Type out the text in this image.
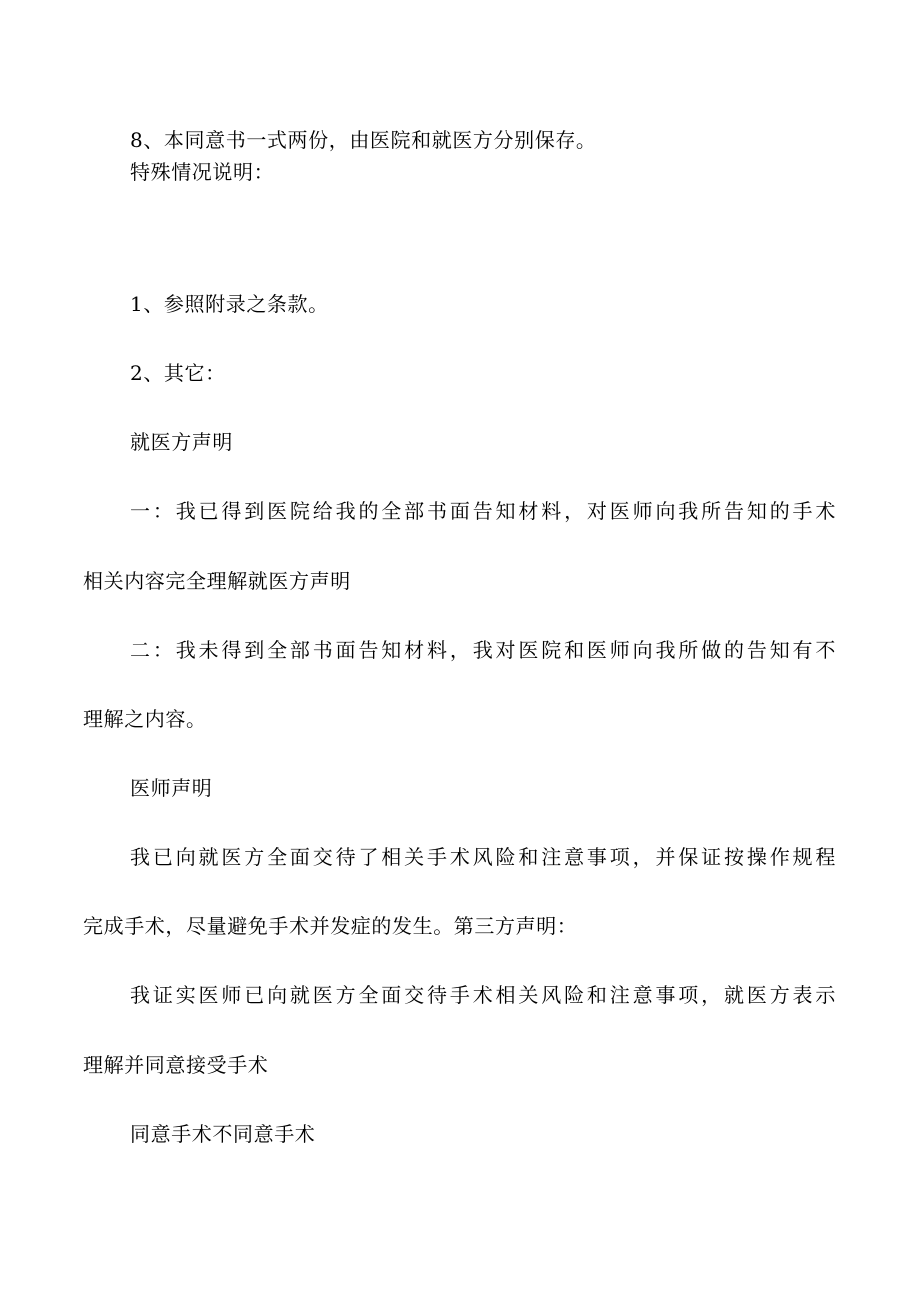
8、本同意书一式两份，由医院和就医方分别保存。
特殊情况说明：
1、参照附录之条款。
2、其它：
就医方声明
一：我已得到医院给我的全部书面告知材料，对医师向我所告知的手术
相关内容完全理解就医方声明
二：我未得到全部书面告知材料，我对医院和医师向我所做的告知有不
理解之内容。
医师声明
我已向就医方全面交待了相关手术风险和注意事项，并保证按操作规程
完成手术，尽量避免手术并发症的发生。第三方声明：
我证实医师已向就医方全面交待手术相关风险和注意事项，就医方表示
理解并同意接受手术
同意手术不同意手术
